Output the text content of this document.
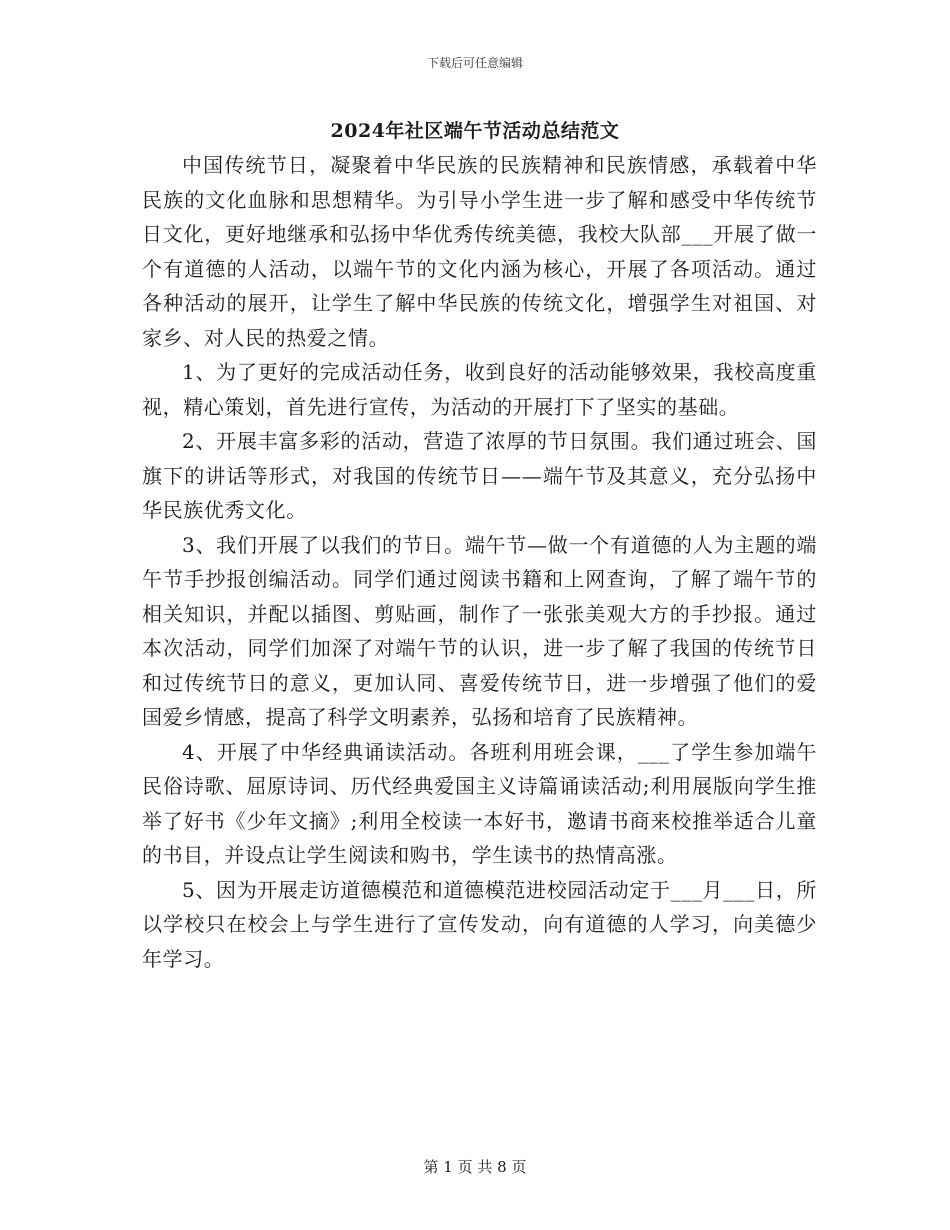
下载后可任意编辑
2024年社区端午节活动总结范文

中国传统节日，凝聚着中华民族的民族精神和民族情感，承载着中华民族的文化血脉和思想精华。为引导小学生进一步了解和感受中华传统节日文化，更好地继承和弘扬中华优秀传统美德，我校大队部___开展了做一个有道德的人活动，以端午节的文化内涵为核心，开展了各项活动。通过各种活动的展开，让学生了解中华民族的传统文化，增强学生对祖国、对家乡、对人民的热爱之情。

1、为了更好的完成活动任务，收到良好的活动能够效果，我校高度重视，精心策划，首先进行宣传，为活动的开展打下了坚实的基础。

2、开展丰富多彩的活动，营造了浓厚的节日氛围。我们通过班会、国旗下的讲话等形式，对我国的传统节日——端午节及其意义，充分弘扬中华民族优秀文化。

3、我们开展了以我们的节日。端午节—做一个有道德的人为主题的端午节手抄报创编活动。同学们通过阅读书籍和上网查询，了解了端午节的相关知识，并配以插图、剪贴画，制作了一张张美观大方的手抄报。通过本次活动，同学们加深了对端午节的认识，进一步了解了我国的传统节日和过传统节日的意义，更加认同、喜爱传统节日，进一步增强了他们的爱国爱乡情感，提高了科学文明素养，弘扬和培育了民族精神。

4、开展了中华经典诵读活动。各班利用班会课，___了学生参加端午民俗诗歌、屈原诗词、历代经典爱国主义诗篇诵读活动;利用展版向学生推举了好书《少年文摘》;利用全校读一本好书，邀请书商来校推举适合儿童的书目，并设点让学生阅读和购书，学生读书的热情高涨。

5、因为开展走访道德模范和道德模范进校园活动定于___月___日，所以学校只在校会上与学生进行了宣传发动，向有道德的人学习，向美德少年学习。

第 1 页 共 8 页
